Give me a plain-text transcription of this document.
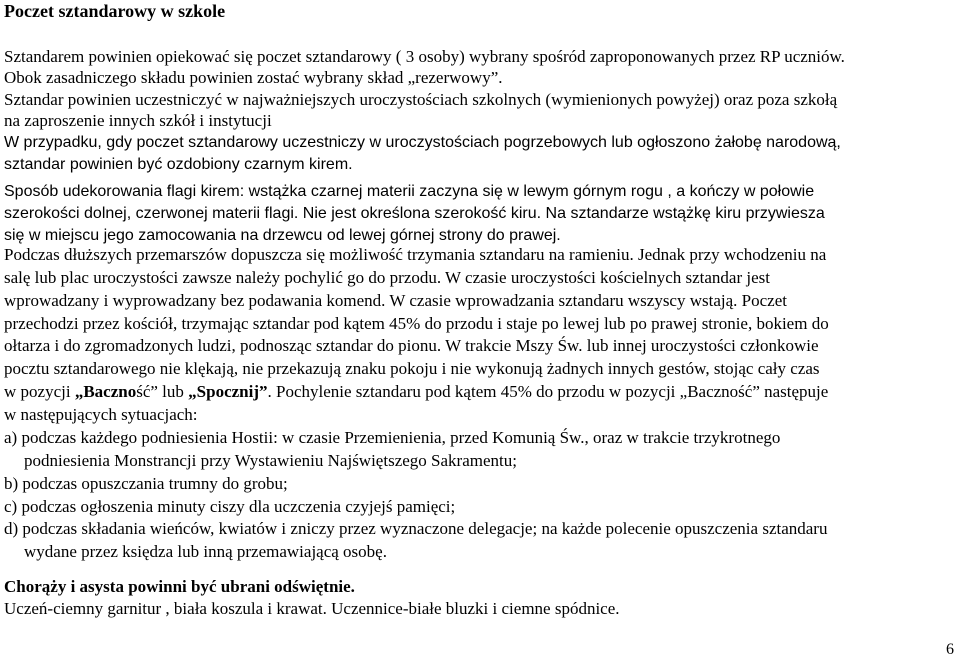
Poczet sztandarowy w szkole
Sztandarem powinien opiekować się poczet sztandarowy ( 3 osoby) wybrany spośród zaproponowanych przez RP uczniów.
Obok zasadniczego składu powinien zostać wybrany skład „rezerwowy”.
Sztandar powinien uczestniczyć w najważniejszych uroczystościach szkolnych (wymienionych powyżej) oraz poza szkołą
na zaproszenie innych szkół i instytucji
W przypadku, gdy poczet sztandarowy uczestniczy w uroczystościach pogrzebowych lub ogłoszono żałobę narodową,
sztandar powinien być ozdobiony czarnym kirem.
Sposób udekorowania flagi kirem: wstążka czarnej materii zaczyna się w lewym górnym rogu , a kończy w połowie
szerokości dolnej, czerwonej materii flagi. Nie jest określona szerokość kiru. Na sztandarze wstążkę kiru przywiesza
się w miejscu jego zamocowania na drzewcu od lewej górnej strony do prawej.
Podczas dłuższych przemarszów dopuszcza się możliwość trzymania sztandaru na ramieniu. Jednak przy wchodzeniu na
salę lub plac uroczystości zawsze należy pochylić go do przodu. W czasie uroczystości kościelnych sztandar jest
wprowadzany i wyprowadzany bez podawania komend. W czasie wprowadzania sztandaru wszyscy wstają. Poczet
przechodzi przez kościół, trzymając sztandar pod kątem 45% do przodu i staje po lewej lub po prawej stronie, bokiem do
ołtarza i do zgromadzonych ludzi, podnosząc sztandar do pionu. W trakcie Mszy Św. lub innej uroczystości członkowie
pocztu sztandarowego nie klękają, nie przekazują znaku pokoju i nie wykonują żadnych innych gestów, stojąc cały czas
w pozycji „Baczność” lub „Spocznij”. Pochylenie sztandaru pod kątem 45% do przodu w pozycji „Baczność” następuje
w następujących sytuacjach:
a) podczas każdego podniesienia Hostii: w czasie Przemienienia, przed Komunią Św., oraz w trakcie trzykrotnego
podniesienia Monstrancji przy Wystawieniu Najświętszego Sakramentu;
b) podczas opuszczania trumny do grobu;
c) podczas ogłoszenia minuty ciszy dla uczczenia czyjejś pamięci;
d) podczas składania wieńców, kwiatów i zniczy przez wyznaczone delegacje; na każde polecenie opuszczenia sztandaru
wydane przez księdza lub inną przemawiającą osobę.
Chorąży i asysta powinni być ubrani odświętnie.
Uczeń-ciemny garnitur , biała koszula i krawat. Uczennice-białe bluzki i ciemne spódnice.
6
